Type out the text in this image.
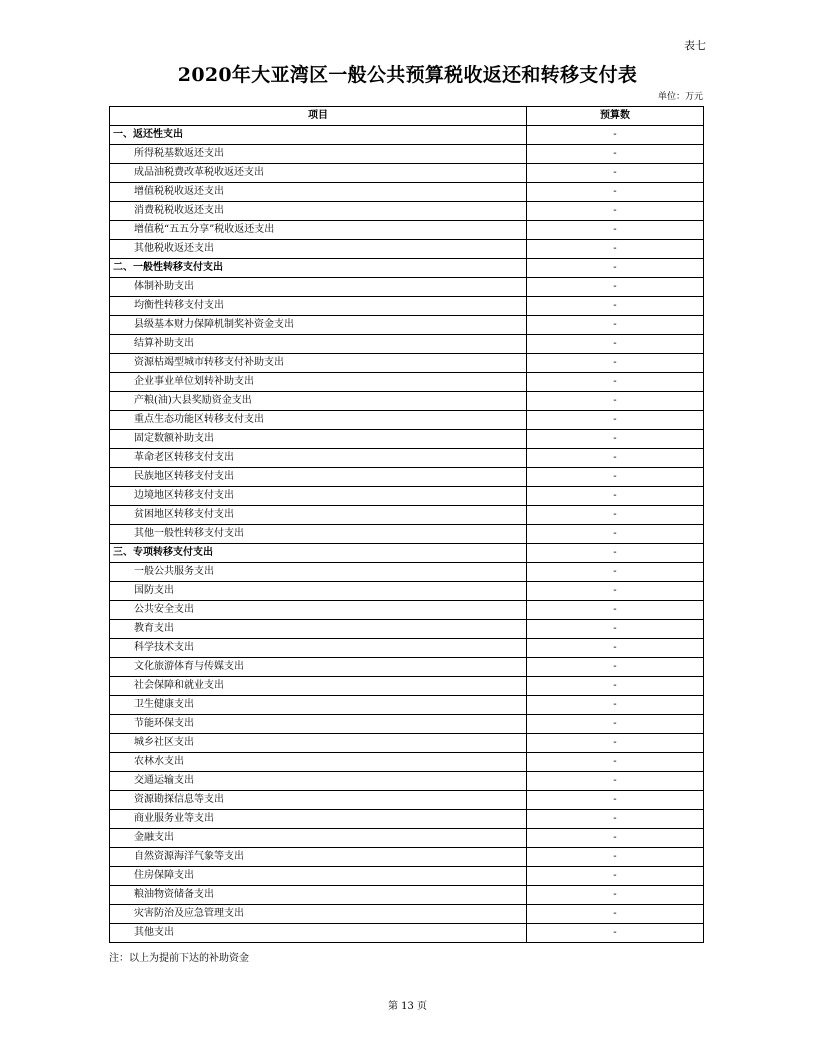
表七
2020年大亚湾区一般公共预算税收返还和转移支付表
单位：万元
项目	预算数
一、返还性支出	-
所得税基数返还支出	-
成品油税费改革税收返还支出	-
增值税税收返还支出	-
消费税税收返还支出	-
增值税“五五分享”税收返还支出	-
其他税收返还支出	-
二、一般性转移支付支出	-
体制补助支出	-
均衡性转移支付支出	-
县级基本财力保障机制奖补资金支出	-
结算补助支出	-
资源枯竭型城市转移支付补助支出	-
企业事业单位划转补助支出	-
产粮(油)大县奖励资金支出	-
重点生态功能区转移支付支出	-
固定数额补助支出	-
革命老区转移支付支出	-
民族地区转移支付支出	-
边境地区转移支付支出	-
贫困地区转移支付支出	-
其他一般性转移支付支出	-
三、专项转移支付支出	-
一般公共服务支出	-
国防支出	-
公共安全支出	-
教育支出	-
科学技术支出	-
文化旅游体育与传媒支出	-
社会保障和就业支出	-
卫生健康支出	-
节能环保支出	-
城乡社区支出	-
农林水支出	-
交通运输支出	-
资源勘探信息等支出	-
商业服务业等支出	-
金融支出	-
自然资源海洋气象等支出	-
住房保障支出	-
粮油物资储备支出	-
灾害防治及应急管理支出	-
其他支出	-
注：以上为提前下达的补助资金
第 13 页
